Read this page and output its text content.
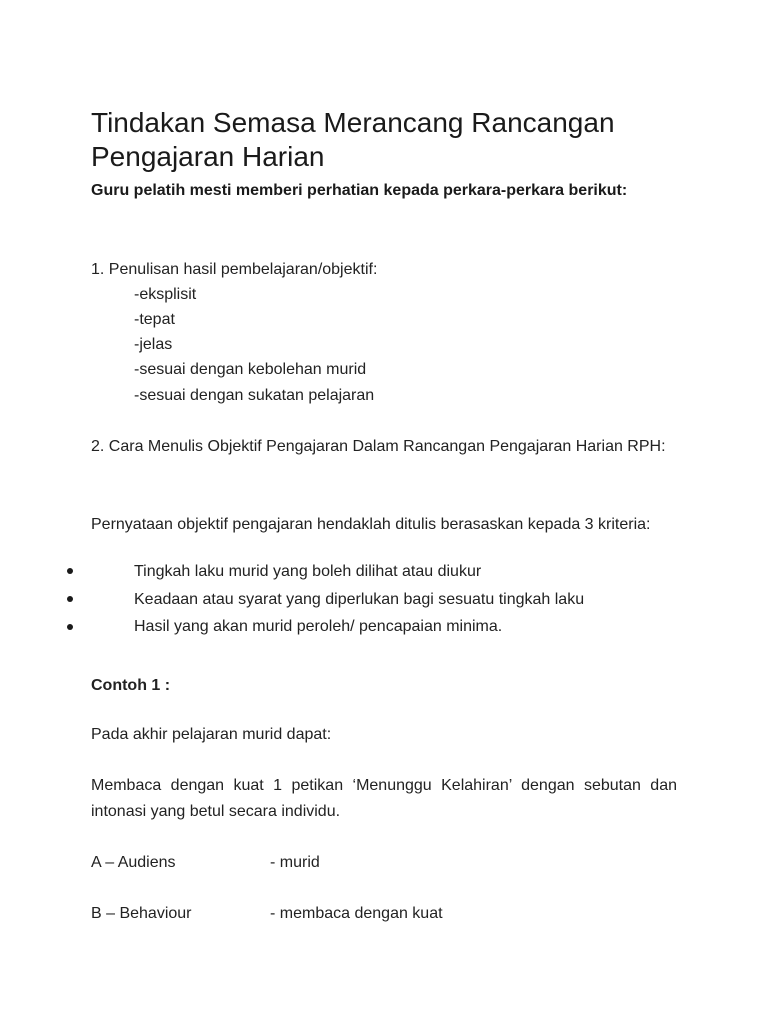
Tindakan Semasa Merancang Rancangan Pengajaran Harian

Guru pelatih mesti memberi perhatian kepada perkara-perkara berikut:

1. Penulisan hasil pembelajaran/objektif:

-eksplisit

-tepat

-jelas

-sesuai dengan kebolehan murid

-sesuai dengan sukatan pelajaran

2. Cara Menulis Objektif Pengajaran Dalam Rancangan Pengajaran Harian RPH:

Pernyataan objektif pengajaran hendaklah ditulis berasaskan kepada 3 kriteria:

Tingkah laku murid yang boleh dilihat atau diukur

Keadaan atau syarat yang diperlukan bagi sesuatu tingkah laku

Hasil yang akan murid peroleh/ pencapaian minima.

Contoh 1 :

Pada akhir pelajaran murid dapat:

Membaca dengan kuat 1 petikan ‘Menunggu Kelahiran’ dengan sebutan dan intonasi yang betul secara individu.

A – Audiens	- murid

B – Behaviour	- membaca dengan kuat
